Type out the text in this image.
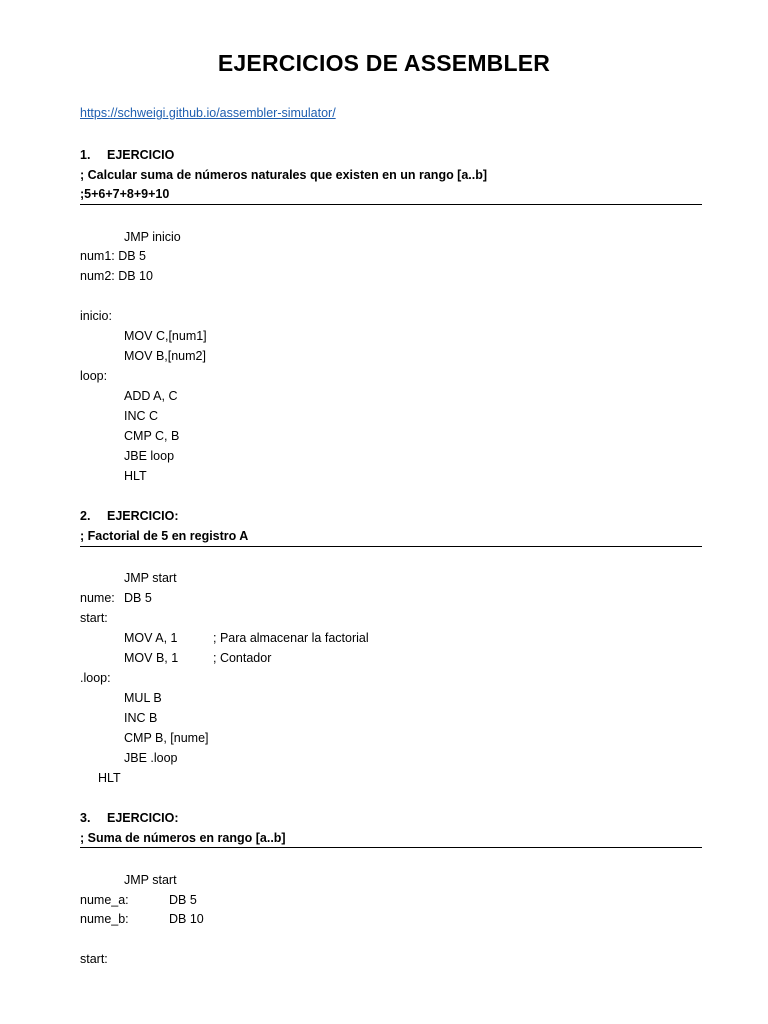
EJERCICIOS DE ASSEMBLER
https://schweigi.github.io/assembler-simulator/
1. EJERCICIO
; Calcular suma de números naturales que existen en un rango [a..b]
;5+6+7+8+9+10
JMP inicio
num1: DB 5
num2: DB 10
inicio:
MOV C,[num1]
MOV B,[num2]
loop:
ADD A, C
INC C
CMP C, B
JBE loop
HLT
2. EJERCICIO:
; Factorial de 5 en registro A
JMP start
nume: DB 5
start:
MOV A, 1	; Para almacenar la factorial
MOV B, 1	; Contador
.loop:
MUL B
INC B
CMP B, [nume]
JBE .loop
HLT
3. EJERCICIO:
; Suma de números en rango [a..b]
JMP start
nume_a:	DB 5
nume_b:	DB 10
start:
